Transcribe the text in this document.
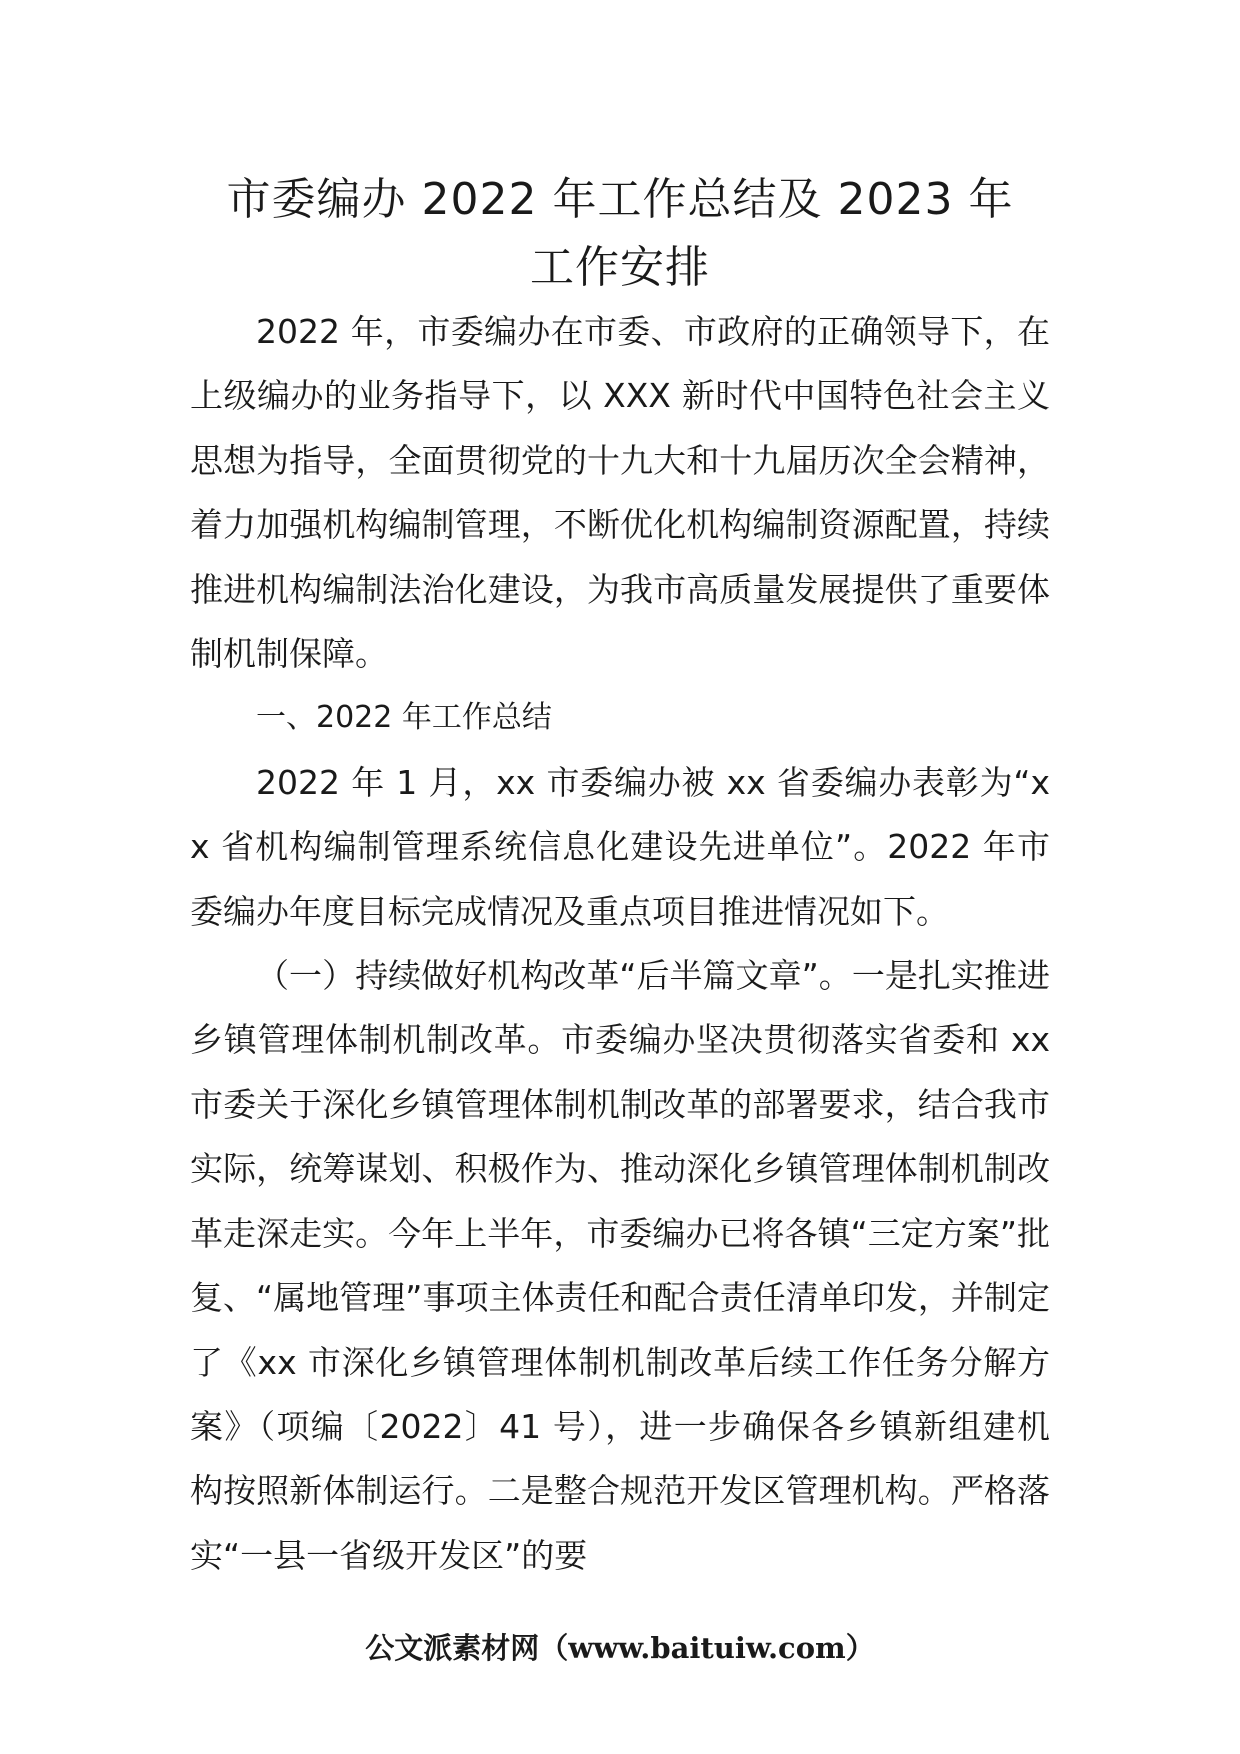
市委编办 2022 年工作总结及 2023 年
工作安排

2022 年，市委编办在市委、市政府的正确领导下，在上级编办的业务指导下，以 XXX 新时代中国特色社会主义思想为指导，全面贯彻党的十九大和十九届历次全会精神，着力加强机构编制管理，不断优化机构编制资源配置，持续推进机构编制法治化建设，为我市高质量发展提供了重要体制机制保障。

一、2022 年工作总结

2022 年 1 月，xx 市委编办被 xx 省委编办表彰为“xx 省机构编制管理系统信息化建设先进单位”。2022 年市委编办年度目标完成情况及重点项目推进情况如下。

（一）持续做好机构改革“后半篇文章”。一是扎实推进乡镇管理体制机制改革。市委编办坚决贯彻落实省委和 xx 市委关于深化乡镇管理体制机制改革的部署要求，结合我市实际，统筹谋划、积极作为、推动深化乡镇管理体制机制改革走深走实。今年上半年，市委编办已将各镇“三定方案”批复、“属地管理”事项主体责任和配合责任清单印发，并制定了《xx 市深化乡镇管理体制机制改革后续工作任务分解方案》（项编〔2022〕41 号），进一步确保各乡镇新组建机构按照新体制运行。二是整合规范开发区管理机构。严格落实“一县一省级开发区”的要

公文派素材网（www.baituiw.com）
